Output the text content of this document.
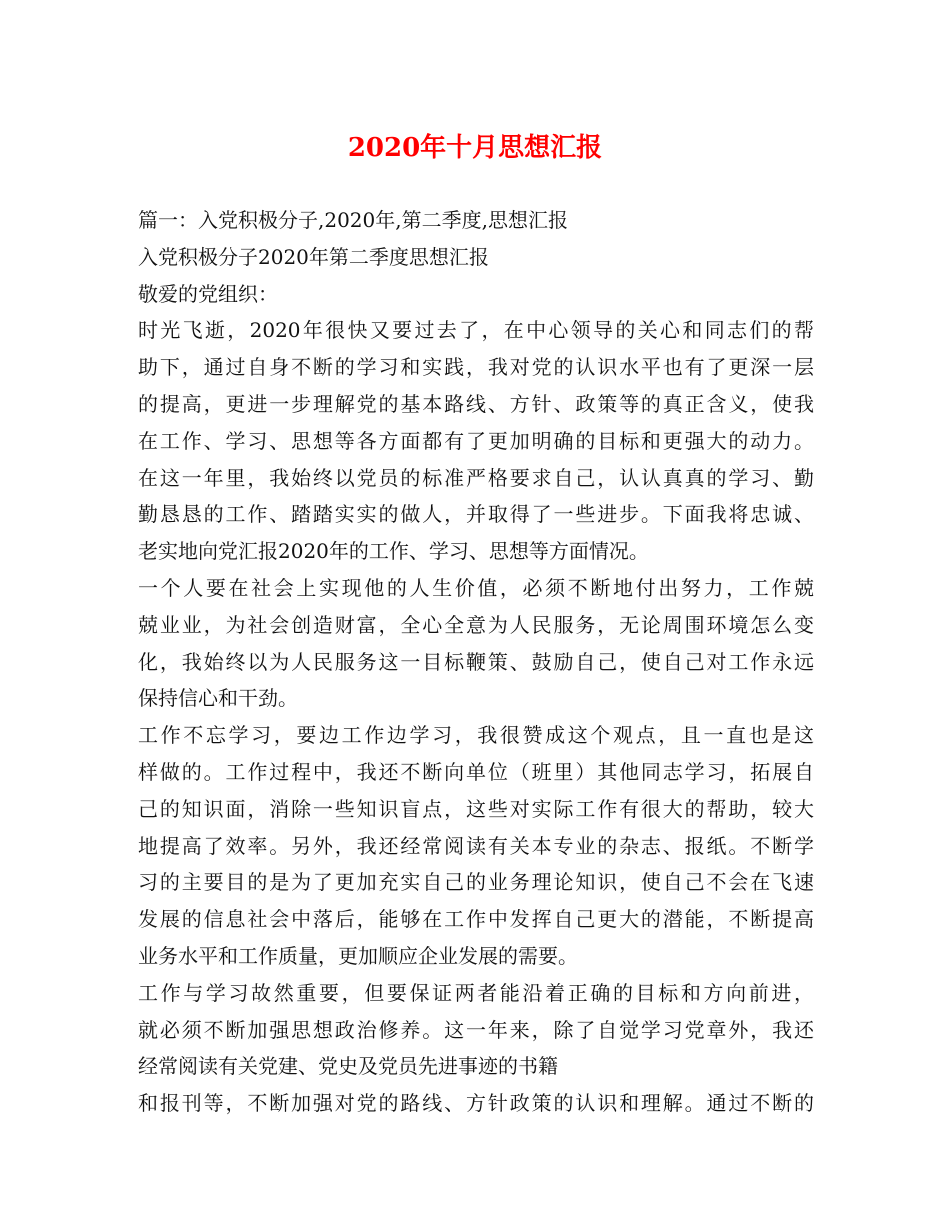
2020年十月思想汇报
篇一：入党积极分子,2020年,第二季度,思想汇报
入党积极分子2020年第二季度思想汇报
敬爱的党组织：
时光飞逝，2020年很快又要过去了，在中心领导的关心和同志们的帮
助下，通过自身不断的学习和实践，我对党的认识水平也有了更深一层
的提高，更进一步理解党的基本路线、方针、政策等的真正含义，使我
在工作、学习、思想等各方面都有了更加明确的目标和更强大的动力。
在这一年里，我始终以党员的标准严格要求自己，认认真真的学习、勤
勤恳恳的工作、踏踏实实的做人，并取得了一些进步。下面我将忠诚、
老实地向党汇报2020年的工作、学习、思想等方面情况。
一个人要在社会上实现他的人生价值，必须不断地付出努力，工作兢
兢业业，为社会创造财富，全心全意为人民服务，无论周围环境怎么变
化，我始终以为人民服务这一目标鞭策、鼓励自己，使自己对工作永远
保持信心和干劲。
工作不忘学习，要边工作边学习，我很赞成这个观点，且一直也是这
样做的。工作过程中，我还不断向单位（班里）其他同志学习，拓展自
己的知识面，消除一些知识盲点，这些对实际工作有很大的帮助，较大
地提高了效率。另外，我还经常阅读有关本专业的杂志、报纸。不断学
习的主要目的是为了更加充实自己的业务理论知识，使自己不会在飞速
发展的信息社会中落后，能够在工作中发挥自己更大的潜能，不断提高
业务水平和工作质量，更加顺应企业发展的需要。
工作与学习故然重要，但要保证两者能沿着正确的目标和方向前进，
就必须不断加强思想政治修养。这一年来，除了自觉学习党章外，我还
经常阅读有关党建、党史及党员先进事迹的书籍
和报刊等，不断加强对党的路线、方针政策的认识和理解。通过不断的
